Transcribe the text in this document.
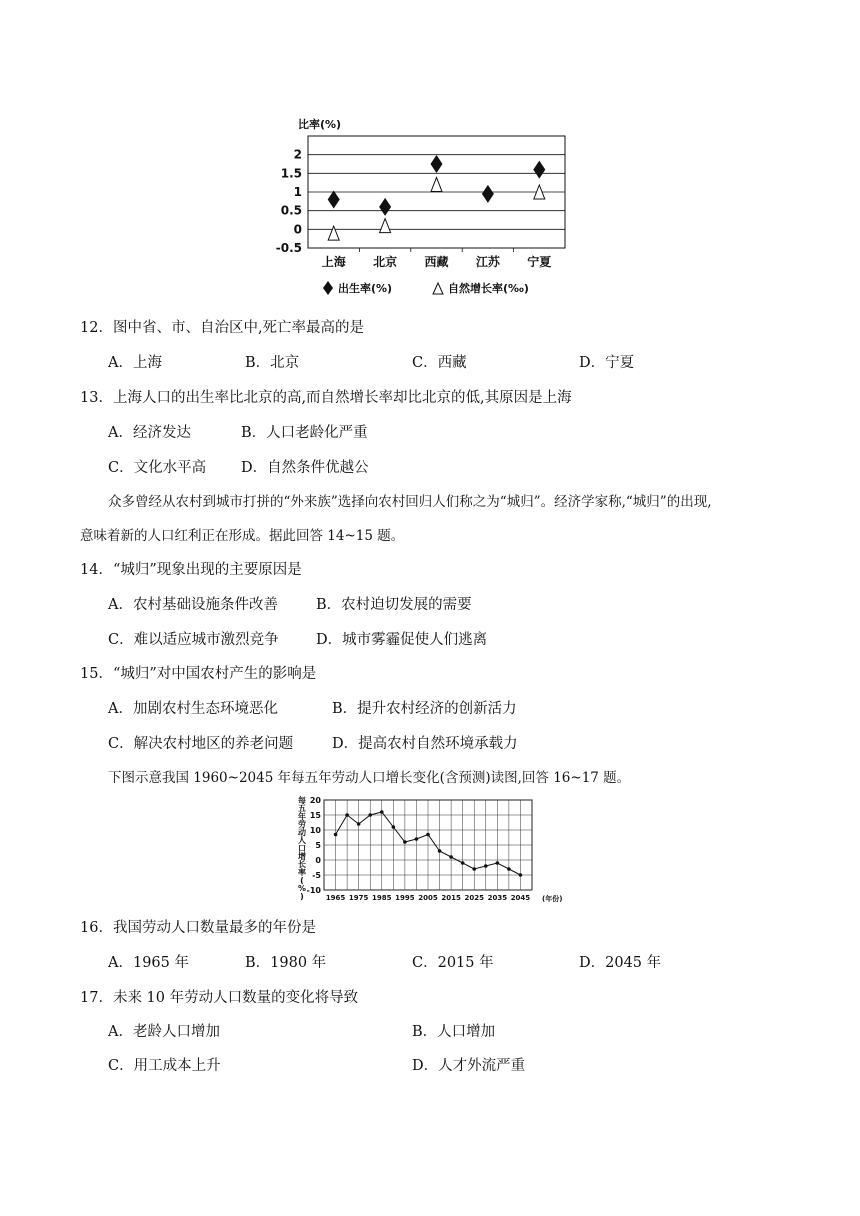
比率(%)
2
1.5
1
0.5
0
-0.5
上海 北京 西藏 江苏 宁夏
出生率(%)	自然增长率(‰)
12．图中省、市、自治区中,死亡率最高的是
A．上海	B．北京	C．西藏	D．宁夏
13．上海人口的出生率比北京的高,而自然增长率却比北京的低,其原因是上海
A．经济发达	B．人口老龄化严重
C．文化水平高 D．自然条件优越公
众多曾经从农村到城市打拼的“外来族”选择向农村回归人们称之为“城归”。经济学家称,“城归”的出现,
意味着新的人口红利正在形成。据此回答 14~15 题。
14．“城归”现象出现的主要原因是
A．农村基础设施条件改善	B．农村迫切发展的需要
C．难以适应城市激烈竞争	D．城市雾霾促使人们逃离
15．“城归”对中国农村产生的影响是
A．加剧农村生态环境恶化	B．提升农村经济的创新活力
C．解决农村地区的养老问题	D．提高农村自然环境承载力
下图示意我国 1960~2045 年每五年劳动人口增长变化(含预测)读图,回答 16~17 题。
每五年劳动人口增长率( % )
20
15
10
5
0
-5
-10
1965 1975 1985 1995 2005 2015 2025 2035 2045 (年份)
16．我国劳动人口数量最多的年份是
A．1965 年	B．1980 年	C．2015 年	D．2045 年
17．未来 10 年劳动人口数量的变化将导致
A．老龄人口增加	B．人口增加
C．用工成本上升	D．人才外流严重
